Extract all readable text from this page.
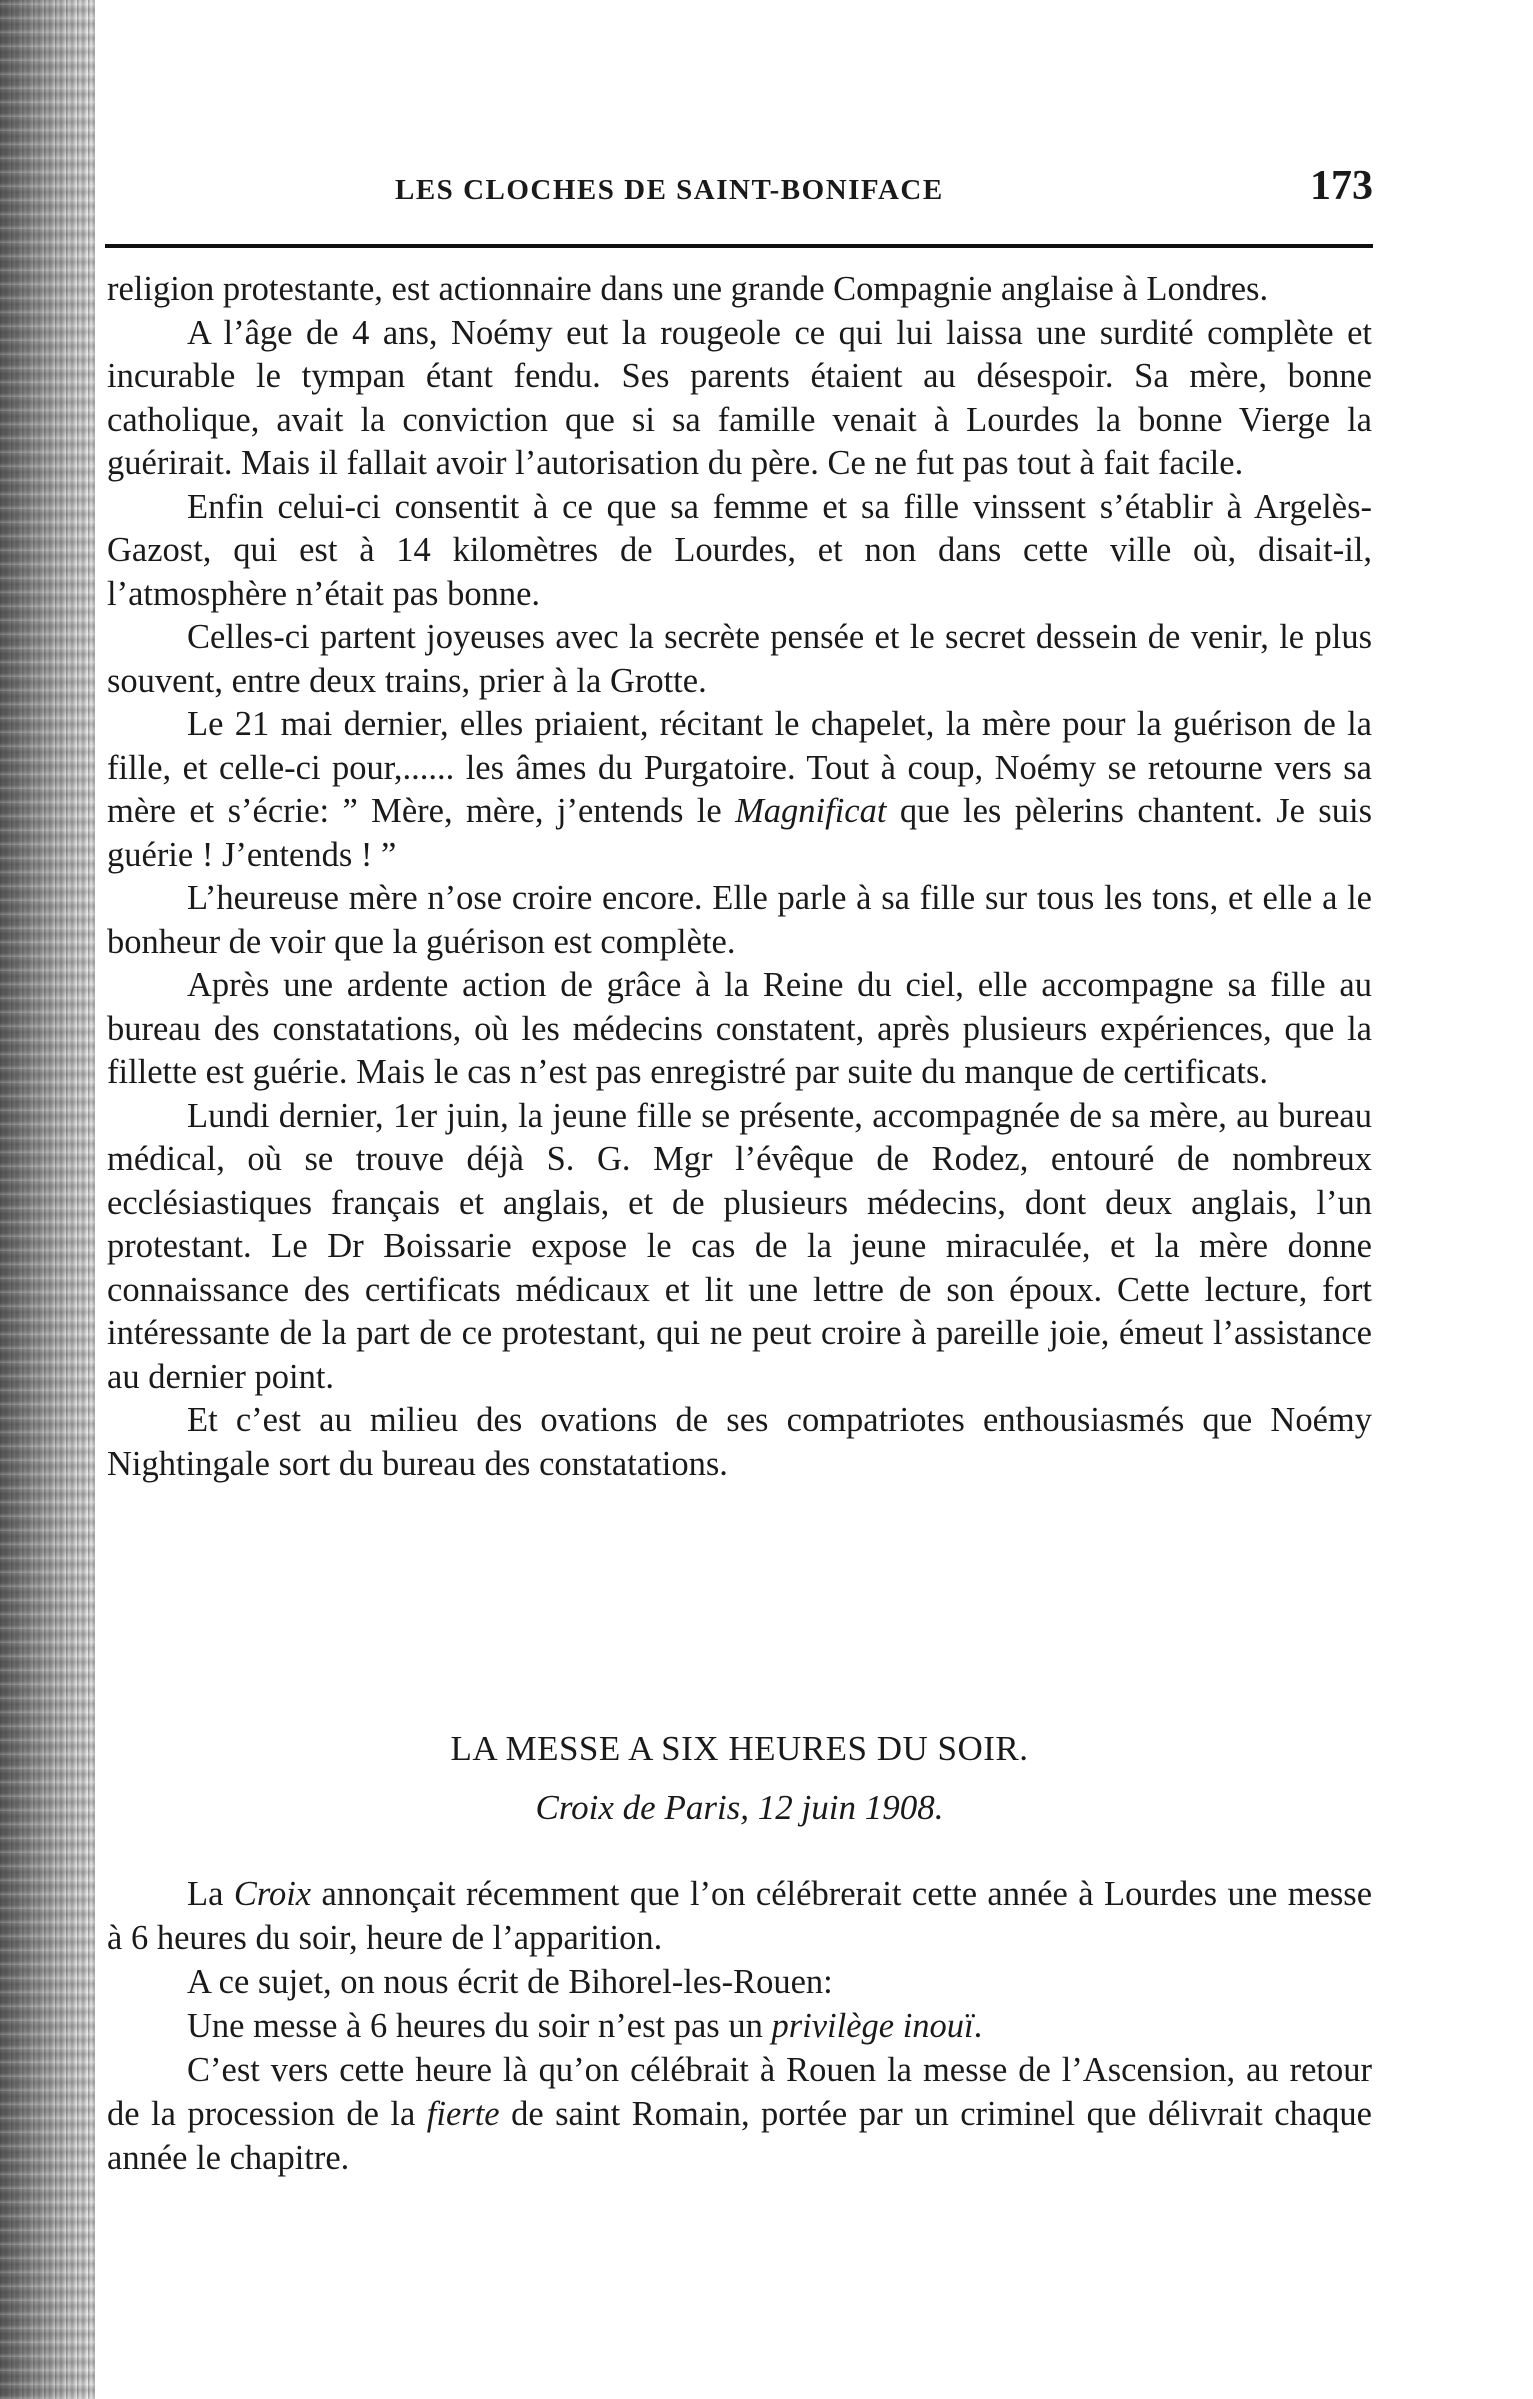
LES CLOCHES DE SAINT-BONIFACE	173

religion protestante, est actionnaire dans une grande Compagnie anglaise à Londres.

A l’âge de 4 ans, Noémy eut la rougeole ce qui lui laissa une surdité complète et incurable le tympan étant fendu. Ses parents étaient au désespoir. Sa mère, bonne catholique, avait la conviction que si sa famille venait à Lourdes la bonne Vierge la guérirait. Mais il fallait avoir l’autorisation du père. Ce ne fut pas tout à fait facile.

Enfin celui-ci consentit à ce que sa femme et sa fille vinssent s’établir à Argelès-Gazost, qui est à 14 kilomètres de Lourdes, et non dans cette ville où, disait-il, l’atmosphère n’était pas bonne.

Celles-ci partent joyeuses avec la secrète pensée et le secret dessein de venir, le plus souvent, entre deux trains, prier à la Grotte.

Le 21 mai dernier, elles priaient, récitant le chapelet, la mère pour la guérison de la fille, et celle-ci pour,...... les âmes du Purgatoire. Tout à coup, Noémy se retourne vers sa mère et s’écrie: ” Mère, mère, j’entends le Magnificat que les pèlerins chantent. Je suis guérie ! J’entends ! ”

L’heureuse mère n’ose croire encore. Elle parle à sa fille sur tous les tons, et elle a le bonheur de voir que la guérison est complète.

Après une ardente action de grâce à la Reine du ciel, elle accompagne sa fille au bureau des constatations, où les médecins constatent, après plusieurs expériences, que la fillette est guérie. Mais le cas n’est pas enregistré par suite du manque de certificats.

Lundi dernier, 1er juin, la jeune fille se présente, accompagnée de sa mère, au bureau médical, où se trouve déjà S. G. Mgr l’évêque de Rodez, entouré de nombreux ecclésiastiques français et anglais, et de plusieurs médecins, dont deux anglais, l’un protestant. Le Dr Boissarie expose le cas de la jeune miraculée, et la mère donne connaissance des certificats médicaux et lit une lettre de son époux. Cette lecture, fort intéressante de la part de ce protestant, qui ne peut croire à pareille joie, émeut l’assistance au dernier point.

Et c’est au milieu des ovations de ses compatriotes enthousiasmés que Noémy Nightingale sort du bureau des constatations.

LA MESSE A SIX HEURES DU SOIR.

Croix de Paris, 12 juin 1908.

La Croix annonçait récemment que l’on célébrerait cette année à Lourdes une messe à 6 heures du soir, heure de l’apparition.

A ce sujet, on nous écrit de Bihorel-les-Rouen:

Une messe à 6 heures du soir n’est pas un privilège inouï.

C’est vers cette heure là qu’on célébrait à Rouen la messe de l’Ascension, au retour de la procession de la fierte de saint Romain, portée par un criminel que délivrait chaque année le chapitre.
